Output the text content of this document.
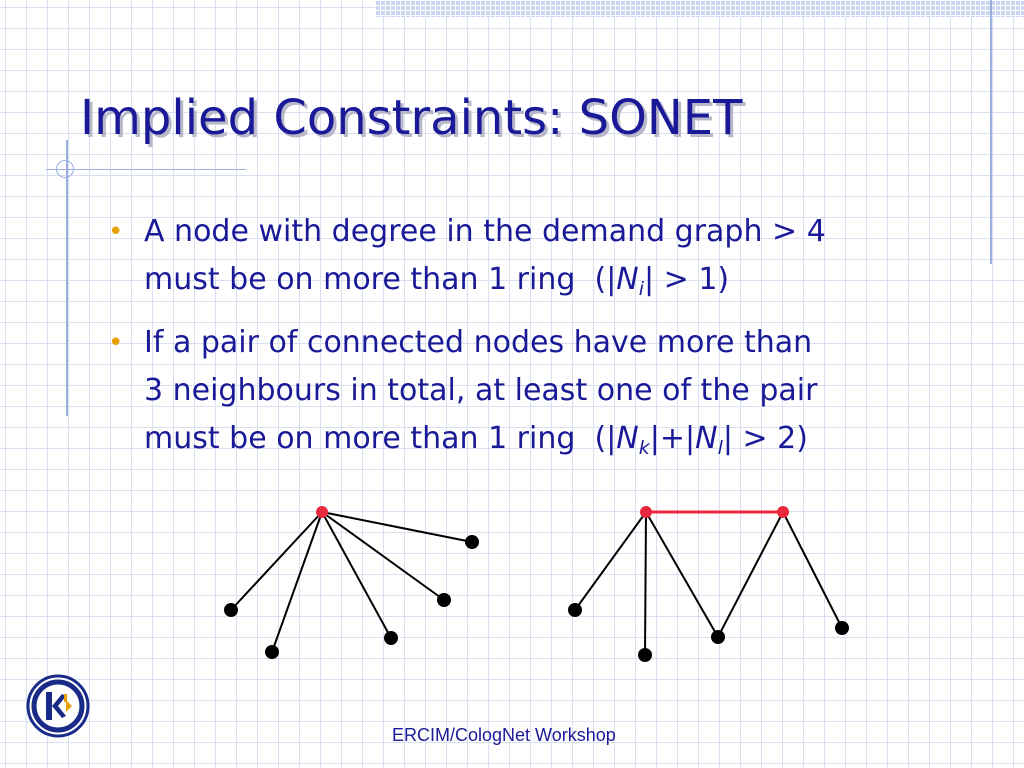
Implied Constraints: SONET
• A node with degree in the demand graph > 4
must be on more than 1 ring  $(|N_i| > 1)$
• If a pair of connected nodes have more than
3 neighbours in total, at least one of the pair
must be on more than 1 ring  $(|N_k|+|N_l| > 2)$
ERCIM/CologNet Workshop
